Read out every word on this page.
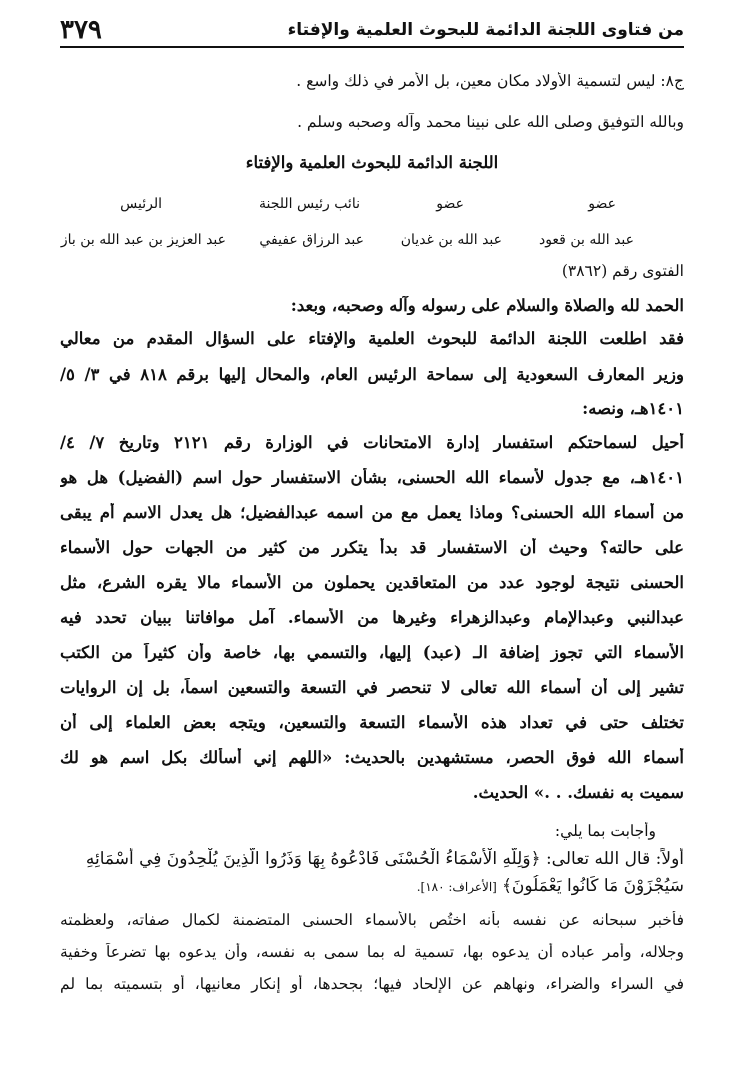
من فتاوى اللجنة الدائمة للبحوث العلمية والإفتاء
٣٧٩
ج٨: ليس لتسمية الأولاد مكان معين، بل الأمر في ذلك واسع .
وبالله التوفيق وصلى الله على نبينا محمد وآله وصحبه وسلم .
اللجنة الدائمة للبحوث العلمية والإفتاء
عضو
عضو
نائب رئيس اللجنة
الرئيس
عبد الله بن قعود
عبد الله بن غديان
عبد الرزاق عفيفي
عبد العزيز بن عبد الله بن باز
الفتوى رقم (٣٨٦٢)
الحمد لله والصلاة والسلام على رسوله وآله وصحبه، وبعد:
فقد اطلعت اللجنة الدائمة للبحوث العلمية والإفتاء على السؤال المقدم من معالي
وزير المعارف السعودية إلى سماحة الرئيس العام، والمحال إليها برقم ٨١٨ في ٣/ ٥/
١٤٠١هـ، ونصه:
أحيل لسماحتكم استفسار إدارة الامتحانات في الوزارة رقم ٢١٢١ وتاريخ ٧/ ٤/
١٤٠١هـ، مع جدول لأسماء الله الحسنى، بشأن الاستفسار حول اسم (الفضيل) هل هو
من أسماء الله الحسنى؟ وماذا يعمل مع من اسمه عبدالفضيل؛ هل يعدل الاسم أم يبقى
على حالته؟ وحيث أن الاستفسار قد بدأ يتكرر من كثير من الجهات حول الأسماء
الحسنى نتيجة لوجود عدد من المتعاقدين يحملون من الأسماء مالا يقره الشرع، مثل
عبدالنبي وعبدالإمام وعبدالزهراء وغيرها من الأسماء. آمل موافاتنا ببيان تحدد فيه
الأسماء التي تجوز إضافة الـ (عبد) إليها، والتسمي بها، خاصة وأن كثيراً من الكتب
تشير إلى أن أسماء الله تعالى لا تنحصر في التسعة والتسعين اسماً، بل إن الروايات
تختلف حتى في تعداد هذه الأسماء التسعة والتسعين، ويتجه بعض العلماء إلى أن
أسماء الله فوق الحصر، مستشهدين بالحديث: «اللهم إني أسألك بكل اسم هو لك
سميت به نفسك. . .» الحديث.
وأجابت بما يلي:
أولاً: قال الله تعالى: ﴿وَلِلَّهِ الْأَسْمَاءُ الْحُسْنَى فَادْعُوهُ بِهَا وَذَرُوا الَّذِينَ يُلْحِدُونَ فِي أَسْمَائِهِ
سَيُجْزَوْنَ مَا كَانُوا يَعْمَلُونَ﴾ [الأعراف: ١٨٠].
فأخبر سبحانه عن نفسه بأنه اختُص بالأسماء الحسنى المتضمنة لكمال صفاته، ولعظمته
وجلاله، وأمر عباده أن يدعوه بها، تسمية له بما سمى به نفسه، وأن يدعوه بها تضرعاً وخفية
في السراء والضراء، ونهاهم عن الإلحاد فيها؛ بجحدها، أو إنكار معانيها، أو بتسميته بما لم
